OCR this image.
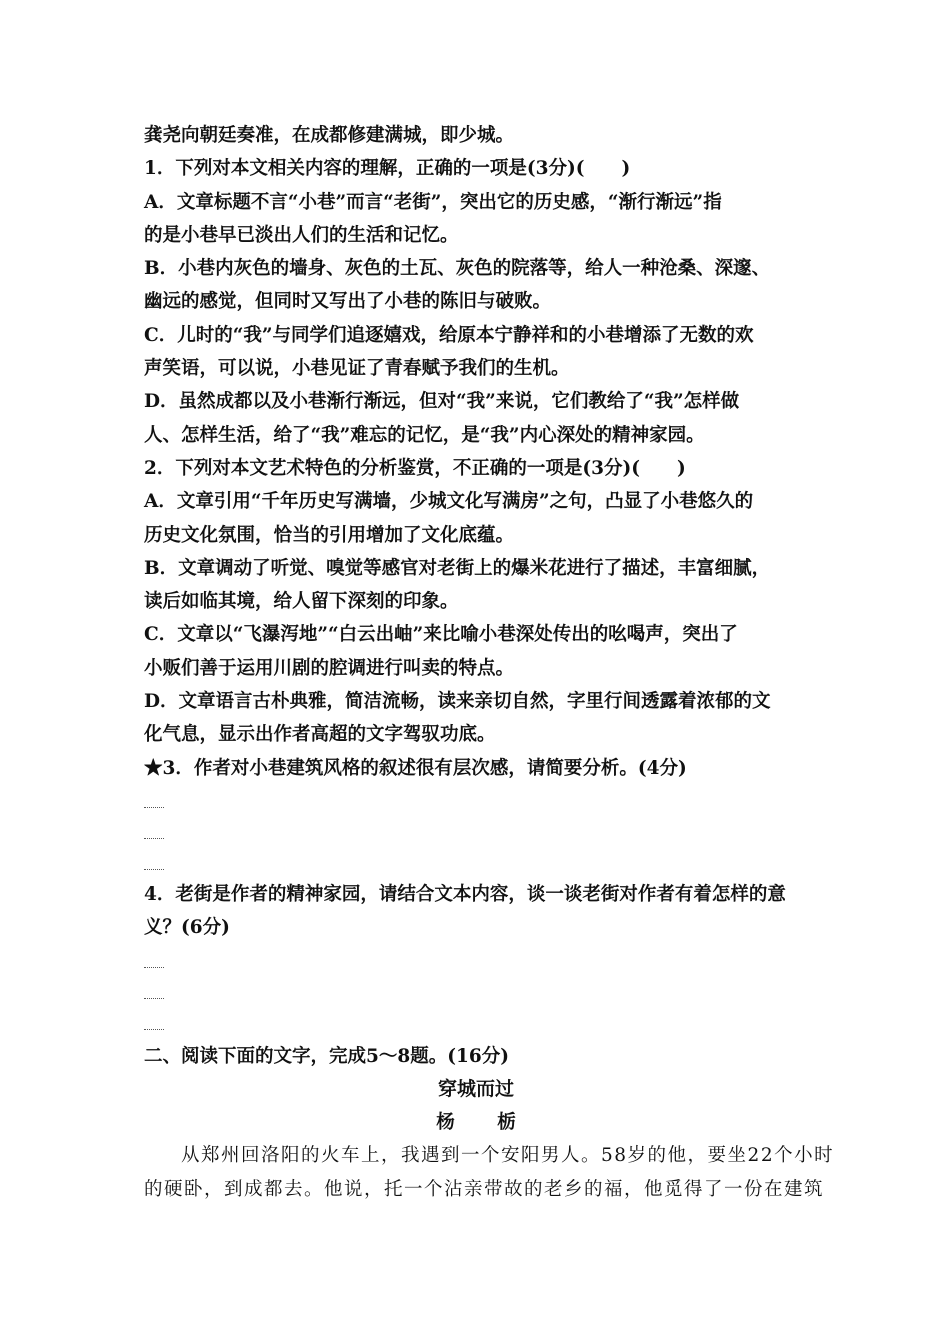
龚尧向朝廷奏准，在成都修建满城，即少城。
1．下列对本文相关内容的理解，正确的一项是(3分)(　　)
A．文章标题不言“小巷”而言“老街”，突出它的历史感，“渐行渐远”指
的是小巷早已淡出人们的生活和记忆。
B．小巷内灰色的墙身、灰色的土瓦、灰色的院落等，给人一种沧桑、深邃、
幽远的感觉，但同时又写出了小巷的陈旧与破败。
C．儿时的“我”与同学们追逐嬉戏，给原本宁静祥和的小巷增添了无数的欢
声笑语，可以说，小巷见证了青春赋予我们的生机。
D．虽然成都以及小巷渐行渐远，但对“我”来说，它们教给了“我”怎样做
人、怎样生活，给了“我”难忘的记忆，是“我”内心深处的精神家园。
2．下列对本文艺术特色的分析鉴赏，不正确的一项是(3分)(　　)
A．文章引用“千年历史写满墙，少城文化写满房”之句，凸显了小巷悠久的
历史文化氛围，恰当的引用增加了文化底蕴。
B．文章调动了听觉、嗅觉等感官对老街上的爆米花进行了描述，丰富细腻，
读后如临其境，给人留下深刻的印象。
C．文章以“飞瀑泻地”“白云出岫”来比喻小巷深处传出的吆喝声，突出了
小贩们善于运用川剧的腔调进行叫卖的特点。
D．文章语言古朴典雅，简洁流畅，读来亲切自然，字里行间透露着浓郁的文
化气息，显示出作者高超的文字驾驭功底。
★3．作者对小巷建筑风格的叙述很有层次感，请简要分析。(4分)
4．老街是作者的精神家园，请结合文本内容，谈一谈老街对作者有着怎样的意
义？(6分)
二、阅读下面的文字，完成5～8题。(16分)
穿城而过
杨　栃
从郑州回洛阳的火车上，我遇到一个安阳男人。58岁的他，要坐22个小时
的硬卧，到成都去。他说，托一个沾亲带故的老乡的福，他觅得了一份在建筑
